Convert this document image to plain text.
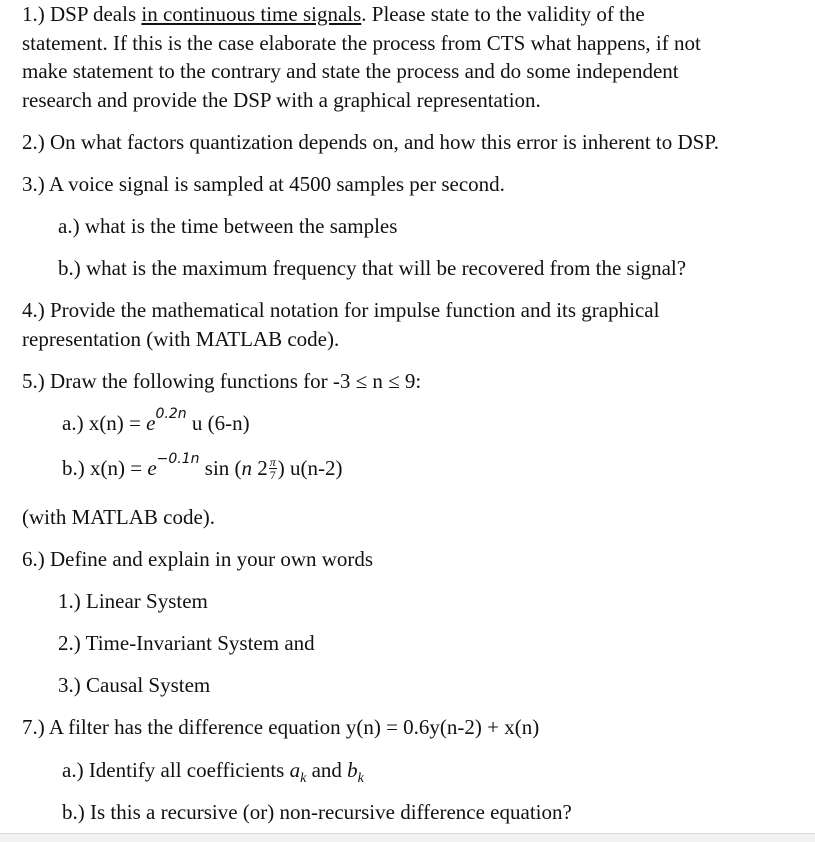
1.) DSP deals in continuous time signals. Please state to the validity of the
statement. If this is the case elaborate the process from CTS what happens, if not
make statement to the contrary and state the process and do some independent
research and provide the DSP with a graphical representation.
2.) On what factors quantization depends on, and how this error is inherent to DSP.
3.) A voice signal is sampled at 4500 samples per second.
a.) what is the time between the samples
b.) what is the maximum frequency that will be recovered from the signal?
4.) Provide the mathematical notation for impulse function and its graphical
representation (with MATLAB code).
5.) Draw the following functions for -3 ≤ n ≤ 9:
a.) $x(n) = e^{0.2n}$ u (6-n)
b.) $x(n) = e^{-0.1n}$ sin (n $2 \frac{\pi}{7}$ ) u(n-2)
(with MATLAB code).
6.) Define and explain in your own words
1.) Linear System
2.) Time-Invariant System and
3.) Causal System
7.) A filter has the difference equation y(n) = 0.6y(n-2) + x(n)
a.) Identify all coefficients $a_k$ and $b_k$
b.) Is this a recursive (or) non-recursive difference equation?
